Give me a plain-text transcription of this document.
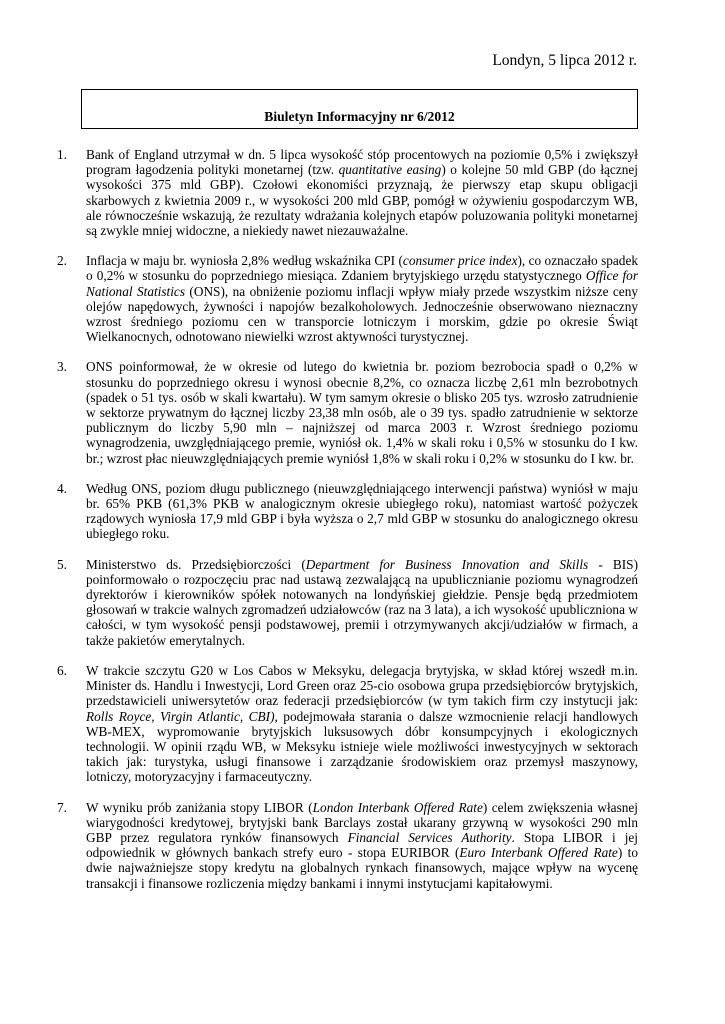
Londyn, 5 lipca 2012 r.
Biuletyn Informacyjny nr 6/2012
1. Bank of England utrzymał w dn. 5 lipca wysokość stóp procentowych na poziomie 0,5% i zwiększył program łagodzenia polityki monetarnej (tzw. quantitative easing) o kolejne 50 mld GBP (do łącznej wysokości 375 mld GBP). Czołowi ekonomiści przyznają, że pierwszy etap skupu obligacji skarbowych z kwietnia 2009 r., w wysokości 200 mld GBP, pomógł w ożywieniu gospodarczym WB, ale równocześnie wskazują, że rezultaty wdrażania kolejnych etapów poluzowania polityki monetarnej są zwykle mniej widoczne, a niekiedy nawet niezauważalne.
2. Inflacja w maju br. wyniosła 2,8% według wskaźnika CPI (consumer price index), co oznaczało spadek o 0,2% w stosunku do poprzedniego miesiąca. Zdaniem brytyjskiego urzędu statystycznego Office for National Statistics (ONS), na obniżenie poziomu inflacji wpływ miały przede wszystkim niższe ceny olejów napędowych, żywności i napojów bezalkoholowych. Jednocześnie obserwowano nieznaczny wzrost średniego poziomu cen w transporcie lotniczym i morskim, gdzie po okresie Świąt Wielkanocnych, odnotowano niewielki wzrost aktywności turystycznej.
3. ONS poinformował, że w okresie od lutego do kwietnia br. poziom bezrobocia spadł o 0,2% w stosunku do poprzedniego okresu i wynosi obecnie 8,2%, co oznacza liczbę 2,61 mln bezrobotnych (spadek o 51 tys. osób w skali kwartału). W tym samym okresie o blisko 205 tys. wzrosło zatrudnienie w sektorze prywatnym do łącznej liczby 23,38 mln osób, ale o 39 tys. spadło zatrudnienie w sektorze publicznym do liczby 5,90 mln – najniższej od marca 2003 r. Wzrost średniego poziomu wynagrodzenia, uwzględniającego premie, wyniósł ok. 1,4% w skali roku i 0,5% w stosunku do I kw. br.; wzrost płac nieuwzględniających premie wyniósł 1,8% w skali roku i 0,2% w stosunku do I kw. br.
4. Według ONS, poziom długu publicznego (nieuwzględniającego interwencji państwa) wyniósł w maju br. 65% PKB (61,3% PKB w analogicznym okresie ubiegłego roku), natomiast wartość pożyczek rządowych wyniosła 17,9 mld GBP i była wyższa o 2,7 mld GBP w stosunku do analogicznego okresu ubiegłego roku.
5. Ministerstwo ds. Przedsiębiorczości (Department for Business Innovation and Skills - BIS) poinformowało o rozpoczęciu prac nad ustawą zezwalającą na upublicznianie poziomu wynagrodzeń dyrektorów i kierowników spółek notowanych na londyńskiej giełdzie. Pensje będą przedmiotem głosowań w trakcie walnych zgromadzeń udziałowców (raz na 3 lata), a ich wysokość upubliczniona w całości, w tym wysokość pensji podstawowej, premii i otrzymywanych akcji/udziałów w firmach, a także pakietów emerytalnych.
6. W trakcie szczytu G20 w Los Cabos w Meksyku, delegacja brytyjska, w skład której wszedł m.in. Minister ds. Handlu i Inwestycji, Lord Green oraz 25-cio osobowa grupa przedsiębiorców brytyjskich, przedstawicieli uniwersytetów oraz federacji przedsiębiorców (w tym takich firm czy instytucji jak: Rolls Royce, Virgin Atlantic, CBI), podejmowała starania o dalsze wzmocnienie relacji handlowych WB-MEX, wypromowanie brytyjskich luksusowych dóbr konsumpcyjnych i ekologicznych technologii. W opinii rządu WB, w Meksyku istnieje wiele możliwości inwestycyjnych w sektorach takich jak: turystyka, usługi finansowe i zarządzanie środowiskiem oraz przemysł maszynowy, lotniczy, motoryzacyjny i farmaceutyczny.
7. W wyniku prób zaniżania stopy LIBOR (London Interbank Offered Rate) celem zwiększenia własnej wiarygodności kredytowej, brytyjski bank Barclays został ukarany grzywną w wysokości 290 mln GBP przez regulatora rynków finansowych Financial Services Authority. Stopa LIBOR i jej odpowiednik w głównych bankach strefy euro - stopa EURIBOR (Euro Interbank Offered Rate) to dwie najważniejsze stopy kredytu na globalnych rynkach finansowych, mające wpływ na wycenę transakcji i finansowe rozliczenia między bankami i innymi instytucjami kapitałowymi.
